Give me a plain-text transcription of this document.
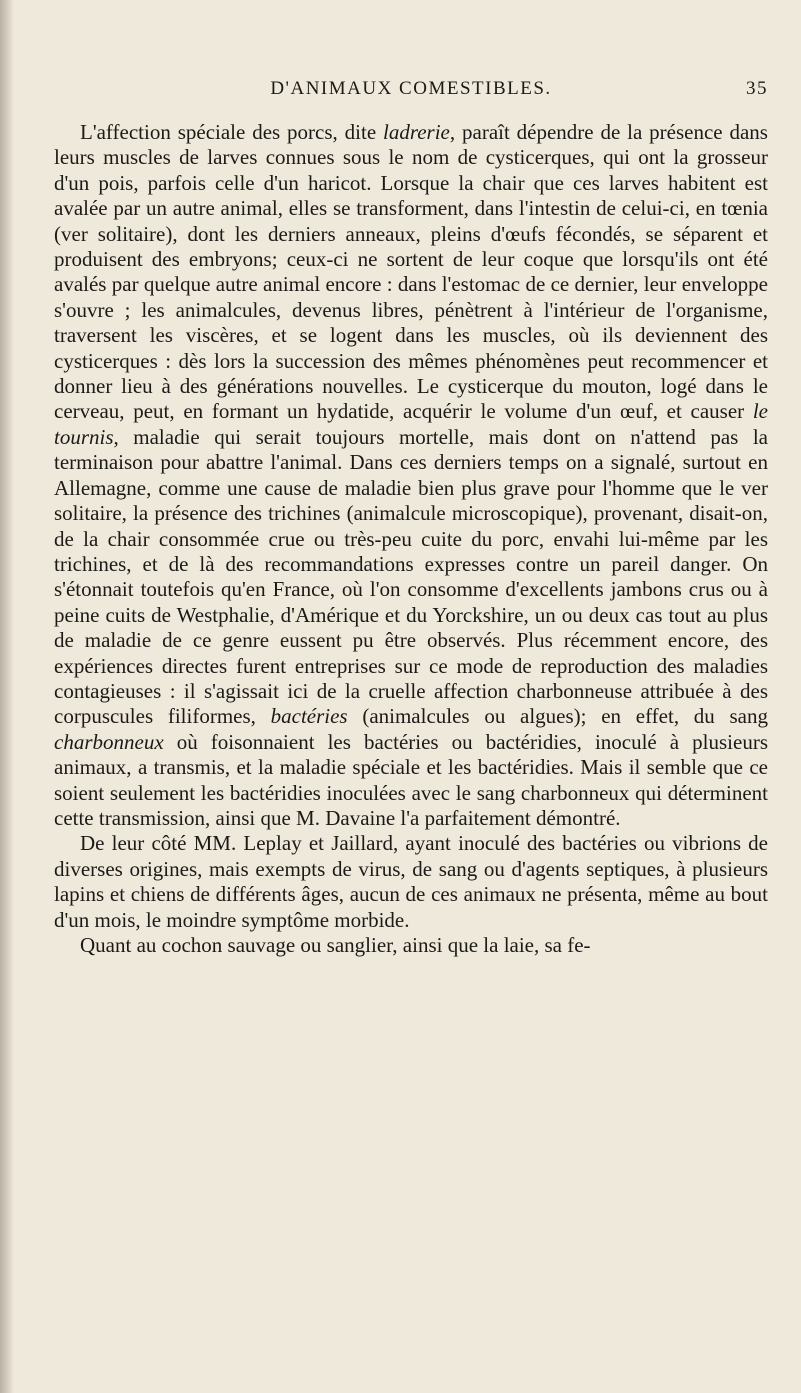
D'ANIMAUX COMESTIBLES.	35

L'affection spéciale des porcs, dite ladrerie, paraît dépendre de la présence dans leurs muscles de larves connues sous le nom de cysticerques, qui ont la grosseur d'un pois, parfois celle d'un haricot. Lorsque la chair que ces larves habitent est avalée par un autre animal, elles se transforment, dans l'intestin de celui-ci, en tœnia (ver solitaire), dont les derniers anneaux, pleins d'œufs fécondés, se séparent et produisent des embryons; ceux-ci ne sortent de leur coque que lorsqu'ils ont été avalés par quelque autre animal encore : dans l'estomac de ce dernier, leur enveloppe s'ouvre ; les animalcules, devenus libres, pénètrent à l'intérieur de l'organisme, traversent les viscères, et se logent dans les muscles, où ils deviennent des cysticerques : dès lors la succession des mêmes phénomènes peut recommencer et donner lieu à des générations nouvelles. Le cysticerque du mouton, logé dans le cerveau, peut, en formant un hydatide, acquérir le volume d'un œuf, et causer le tournis, maladie qui serait toujours mortelle, mais dont on n'attend pas la terminaison pour abattre l'animal. Dans ces derniers temps on a signalé, surtout en Allemagne, comme une cause de maladie bien plus grave pour l'homme que le ver solitaire, la présence des trichines (animalcule microscopique), provenant, disait-on, de la chair consommée crue ou très-peu cuite du porc, envahi lui-même par les trichines, et de là des recommandations expresses contre un pareil danger. On s'étonnait toutefois qu'en France, où l'on consomme d'excellents jambons crus ou à peine cuits de Westphalie, d'Amérique et du Yorckshire, un ou deux cas tout au plus de maladie de ce genre eussent pu être observés. Plus récemment encore, des expériences directes furent entreprises sur ce mode de reproduction des maladies contagieuses : il s'agissait ici de la cruelle affection charbonneuse attribuée à des corpuscules filiformes, bactéries (animalcules ou algues); en effet, du sang charbonneux où foisonnaient les bactéries ou bactéridies, inoculé à plusieurs animaux, a transmis, et la maladie spéciale et les bactéridies. Mais il semble que ce soient seulement les bactéridies inoculées avec le sang charbonneux qui déterminent cette transmission, ainsi que M. Davaine l'a parfaitement démontré.

De leur côté MM. Leplay et Jaillard, ayant inoculé des bactéries ou vibrions de diverses origines, mais exempts de virus, de sang ou d'agents septiques, à plusieurs lapins et chiens de différents âges, aucun de ces animaux ne présenta, même au bout d'un mois, le moindre symptôme morbide.

Quant au cochon sauvage ou sanglier, ainsi que la laie, sa fe-
